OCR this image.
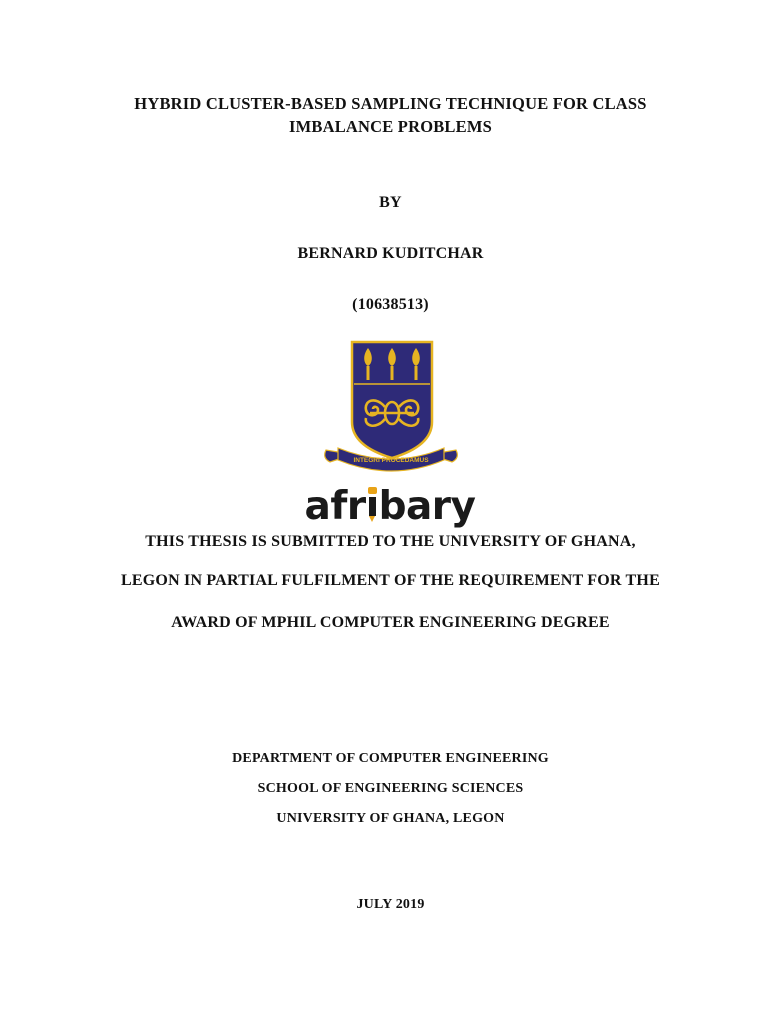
HYBRID CLUSTER-BASED SAMPLING TECHNIQUE FOR CLASS
IMBALANCE PROBLEMS
BY
BERNARD KUDITCHAR
(10638513)
INTEGRI PROCEDAMUS
afr bary
THIS THESIS IS SUBMITTED TO THE UNIVERSITY OF GHANA,
LEGON IN PARTIAL FULFILMENT OF THE REQUIREMENT FOR THE
AWARD OF MPHIL COMPUTER ENGINEERING DEGREE
DEPARTMENT OF COMPUTER ENGINEERING
SCHOOL OF ENGINEERING SCIENCES
UNIVERSITY OF GHANA, LEGON
JULY 2019
